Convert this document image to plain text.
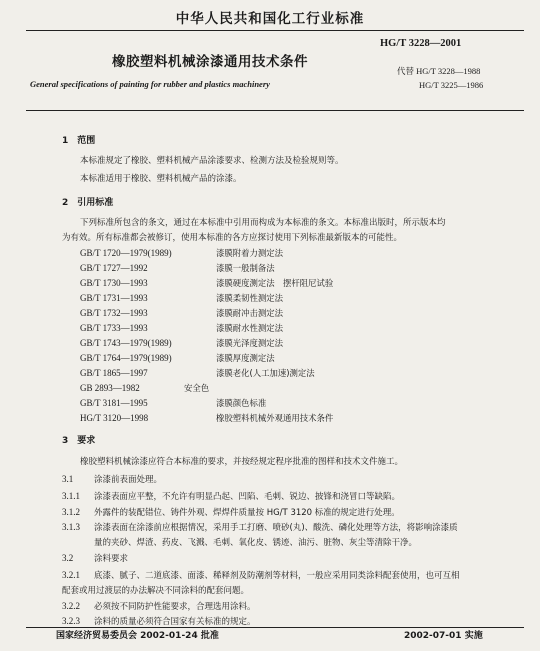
中华人民共和国化工行业标准
橡胶塑料机械涂漆通用技术条件
HG/T 3228—2001
代替 HG/T 3228—1988
General specifications of painting for rubber and plastics machinery	HG/T 3225—1986
1　范围
本标准规定了橡胶、塑料机械产品涂漆要求、检测方法及检验规则等。
本标准适用于橡胶、塑料机械产品的涂漆。
2　引用标准
下列标准所包含的条文，通过在本标准中引用而构成为本标准的条文。本标准出版时，所示版本均
为有效。所有标准都会被修订，使用本标准的各方应探讨使用下列标准最新版本的可能性。
GB/T 1720—1979(1989)	漆膜附着力测定法
GB/T 1727—1992	漆膜一般制备法
GB/T 1730—1993	漆膜硬度测定法　摆杆阻尼试验
GB/T 1731—1993	漆膜柔韧性测定法
GB/T 1732—1993	漆膜耐冲击测定法
GB/T 1733—1993	漆膜耐水性测定法
GB/T 1743—1979(1989)	漆膜光泽度测定法
GB/T 1764—1979(1989)	漆膜厚度测定法
GB/T 1865—1997	漆膜老化(人工加速)测定法
GB 2893—1982	安全色
GB/T 3181—1995	漆膜颜色标准
HG/T 3120—1998	橡胶塑料机械外观通用技术条件
3　要求
橡胶塑料机械涂漆应符合本标准的要求，并按经规定程序批准的图样和技术文件施工。
3.1 涂漆前表面处理。
3.1.1 涂漆表面应平整，不允许有明显凸起、凹陷、毛刺、锐边、披锋和浇冒口等缺陷。
3.1.2 外露件的装配错位、铸件外观、焊焊件质量按 HG/T 3120 标准的规定进行处理。
3.1.3 涂漆表面在涂漆前应根据情况，采用手工打磨、喷砂(丸)、酸洗、磷化处理等方法，将影响涂漆质
量的夹砂、焊渣、药皮、飞溅、毛刺、氧化皮、锈迹、油污、脏物、灰尘等清除干净。
3.2 涂料要求
3.2.1 底漆、腻子、二道底漆、面漆、稀释剂及防潮剂等材料，一般应采用同类涂料配套使用，也可互相
配套或用过渡层的办法解决不同涂料的配套问题。
3.2.2 必须按不同防护性能要求，合理选用涂料。
3.2.3 涂料的质量必须符合国家有关标准的规定。
国家经济贸易委员会 2002-01-24 批准	2002-07-01 实施
